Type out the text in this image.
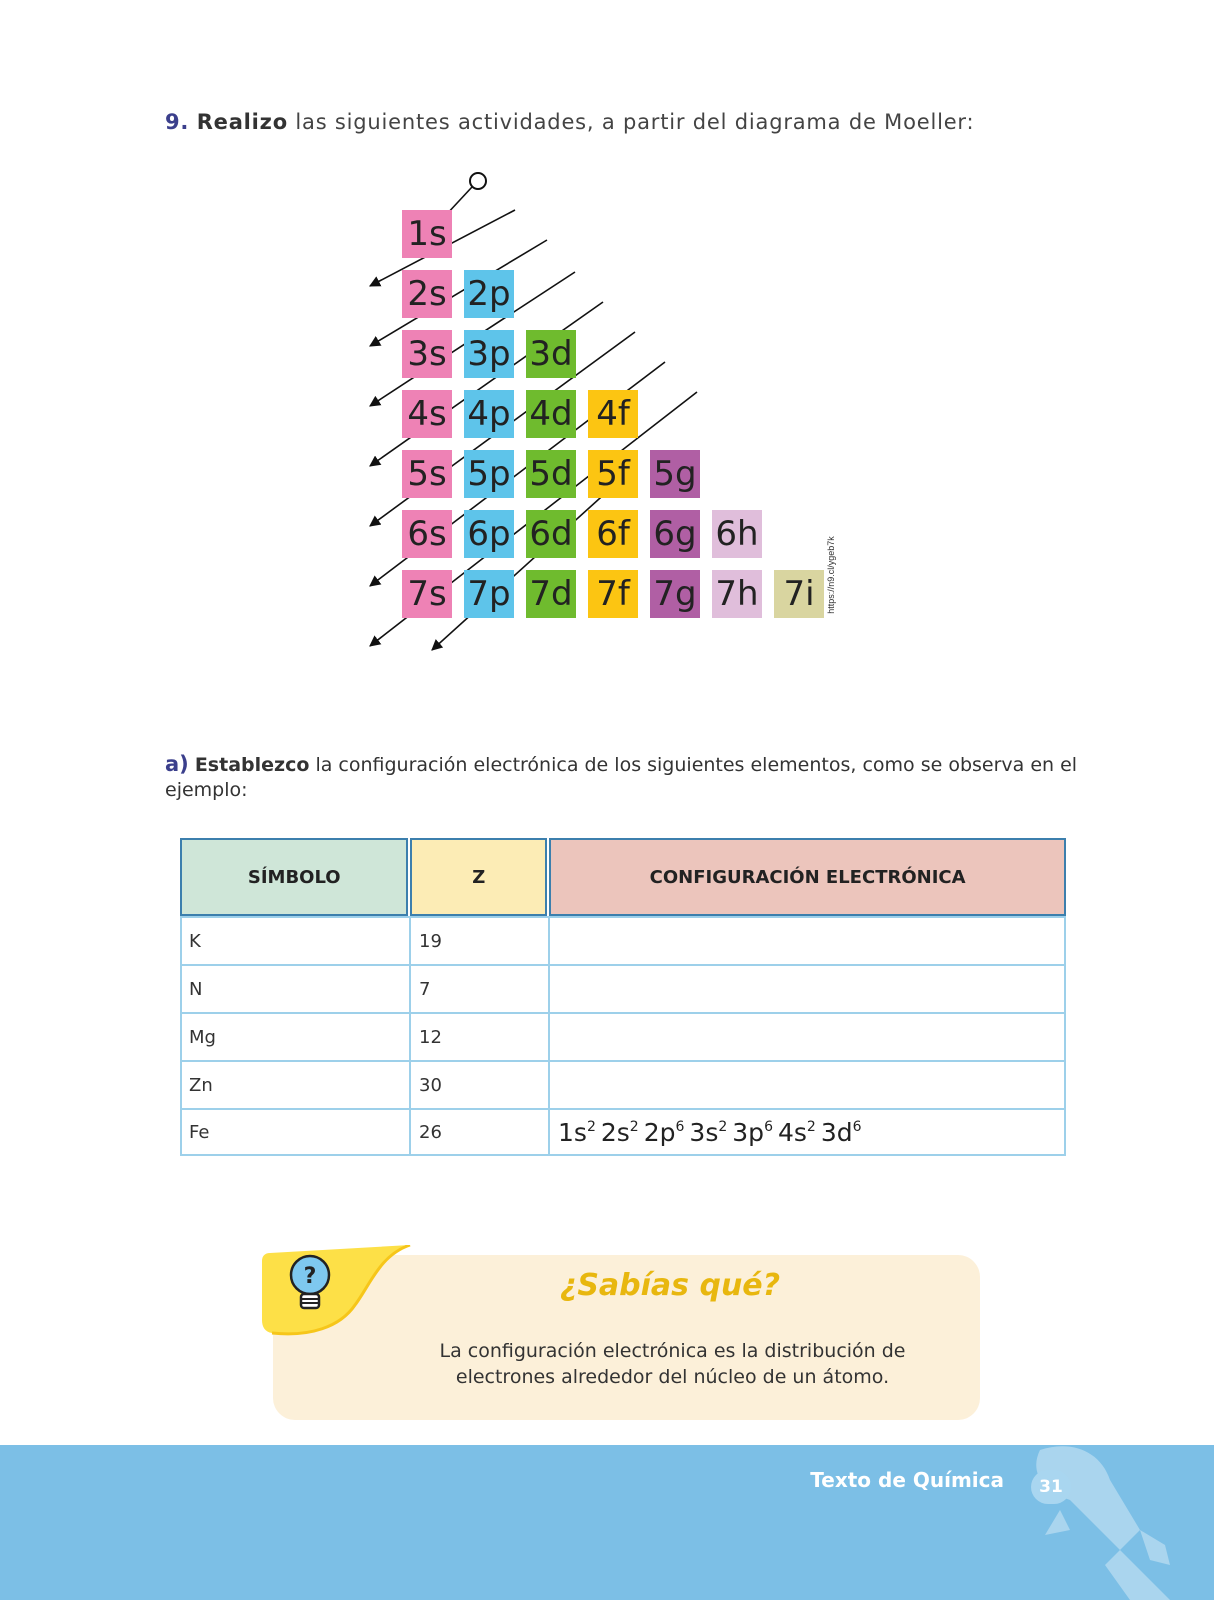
9. Realizo las siguientes actividades, a partir del diagrama de Moeller:
1s
2s 2p
3s 3p 3d
4s 4p 4d 4f
5s 5p 5d 5f 5g
6s 6p 6d 6f 6g 6h
7s 7p 7d 7f 7g 7h 7i	https://n9.cl/ygeb7k
a) Establezco la configuración electrónica de los siguientes elementos, como se observa en el ejemplo:
SÍMBOLO	Z	CONFIGURACIÓN ELECTRÓNICA
K	19
N	7
Mg	12
Zn	30
Fe	26	$1s^2$ $2s^2$ $2p^6$ $3s^2$ $3p^6$ $4s^2$ $3d^6$
?	¿Sabías qué?
La configuración electrónica es la distribución de electrones alrededor del núcleo de un átomo.
Texto de Química	31
